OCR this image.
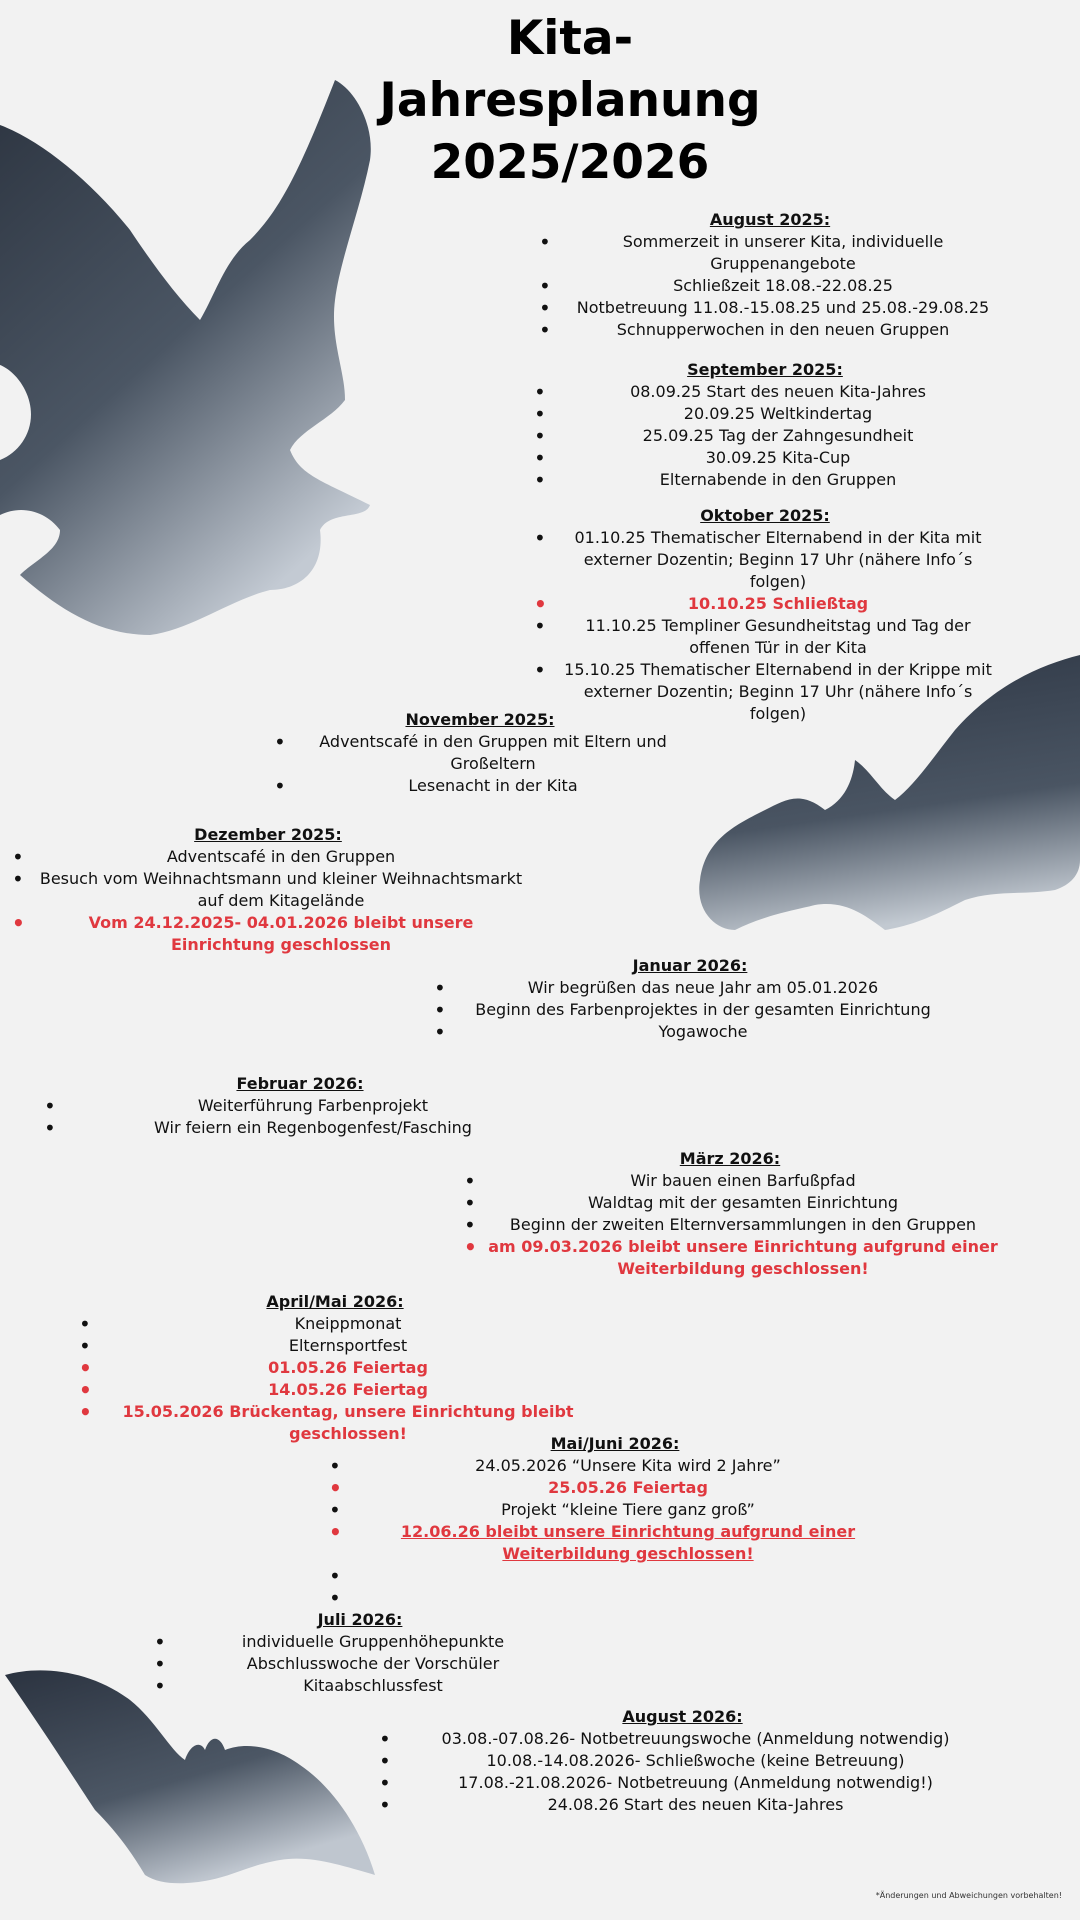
Kita-
Jahresplanung
2025/2026
August 2025:
• Sommerzeit in unserer Kita, individuelle Gruppenangebote
• Schließzeit 18.08.-22.08.25
• Notbetreuung 11.08.-15.08.25 und 25.08.-29.08.25
• Schnupperwochen in den neuen Gruppen
September 2025:
• 08.09.25 Start des neuen Kita-Jahres
• 20.09.25 Weltkindertag
• 25.09.25 Tag der Zahngesundheit
• 30.09.25 Kita-Cup
• Elternabende in den Gruppen
Oktober 2025:
• 01.10.25 Thematischer Elternabend in der Kita mit externer Dozentin; Beginn 17 Uhr (nähere Info´s folgen)
• 10.10.25 Schließtag
• 11.10.25 Templiner Gesundheitstag und Tag der offenen Tür in der Kita
• 15.10.25 Thematischer Elternabend in der Krippe mit externer Dozentin; Beginn 17 Uhr (nähere Info´s folgen)
November 2025:
• Adventscafé in den Gruppen mit Eltern und Großeltern
• Lesenacht in der Kita
Dezember 2025:
• Adventscafé in den Gruppen
• Besuch vom Weihnachtsmann und kleiner Weihnachtsmarkt auf dem Kitagelände
• Vom 24.12.2025- 04.01.2026 bleibt unsere Einrichtung geschlossen
Januar 2026:
• Wir begrüßen das neue Jahr am 05.01.2026
• Beginn des Farbenprojektes in der gesamten Einrichtung
• Yogawoche
Februar 2026:
• Weiterführung Farbenprojekt
• Wir feiern ein Regenbogenfest/Fasching
März 2026:
• Wir bauen einen Barfußpfad
• Waldtag mit der gesamten Einrichtung
• Beginn der zweiten Elternversammlungen in den Gruppen
• am 09.03.2026 bleibt unsere Einrichtung aufgrund einer Weiterbildung geschlossen!
April/Mai 2026:
• Kneippmonat
• Elternsportfest
• 01.05.26 Feiertag
• 14.05.26 Feiertag
• 15.05.2026 Brückentag, unsere Einrichtung bleibt geschlossen!
Mai/Juni 2026:
• 24.05.2026 “Unsere Kita wird 2 Jahre”
• 25.05.26 Feiertag
• Projekt “kleine Tiere ganz groß”
• 12.06.26 bleibt unsere Einrichtung aufgrund einer Weiterbildung geschlossen!
•
•
Juli 2026:
• individuelle Gruppenhöhepunkte
• Abschlusswoche der Vorschüler
• Kitaabschlussfest
August 2026:
• 03.08.-07.08.26- Notbetreuungswoche (Anmeldung notwendig)
• 10.08.-14.08.2026- Schließwoche (keine Betreuung)
• 17.08.-21.08.2026- Notbetreuung (Anmeldung notwendig!)
• 24.08.26 Start des neuen Kita-Jahres
*Änderungen und Abweichungen vorbehalten!
